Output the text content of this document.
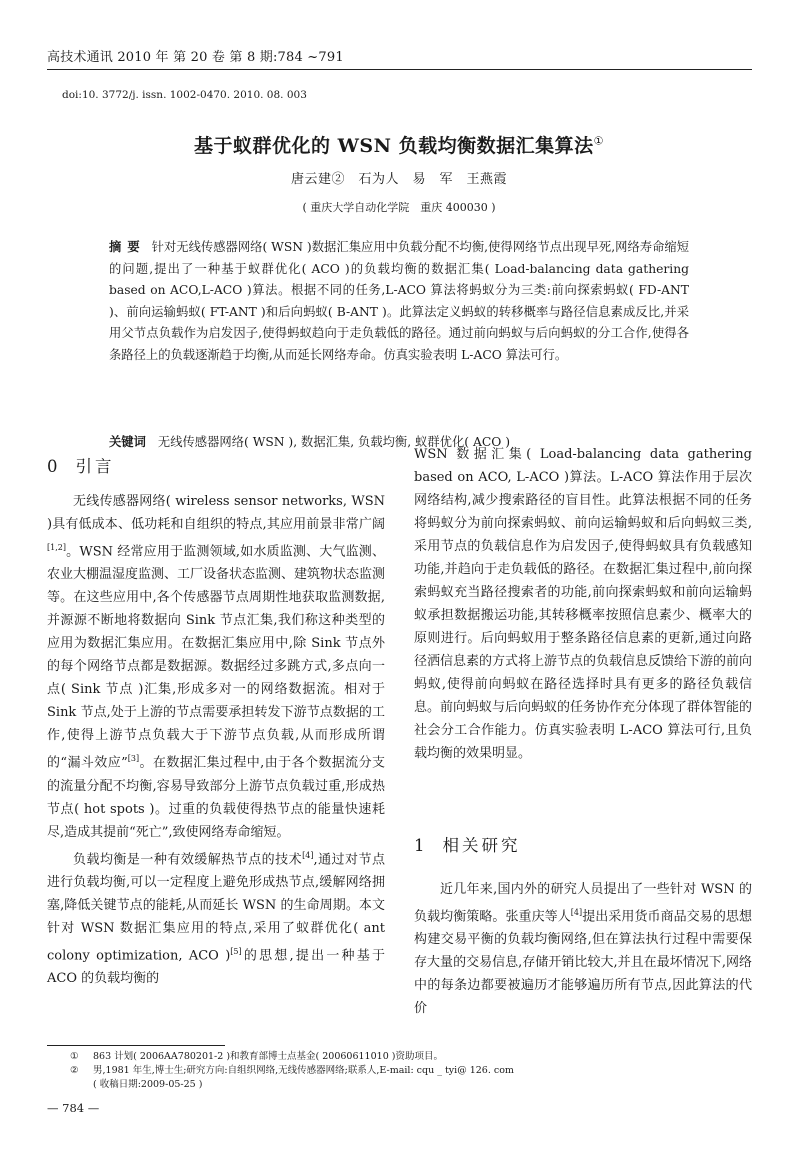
高技术通讯 2010 年 第 20 卷 第 8 期:784 ~791
doi:10. 3772/j. issn. 1002-0470. 2010. 08. 003
基于蚁群优化的 WSN 负载均衡数据汇集算法①
唐云建②　石为人　易　军　王燕霞
( 重庆大学自动化学院　重庆 400030 )
摘要 针对无线传感器网络( WSN )数据汇集应用中负载分配不均衡,使得网络节点出现早死,网络寿命缩短的问题,提出了一种基于蚁群优化( ACO )的负载均衡的数据汇集( Load-balancing data gathering based on ACO,L-ACO )算法。根据不同的任务,L-ACO 算法将蚂蚁分为三类:前向探索蚂蚁( FD-ANT )、前向运输蚂蚁( FT-ANT )和后向蚂蚁( B-ANT )。此算法定义蚂蚁的转移概率与路径信息素成反比,并采用父节点负载作为启发因子,使得蚂蚁趋向于走负载低的路径。通过前向蚂蚁与后向蚂蚁的分工合作,使得各条路径上的负载逐渐趋于均衡,从而延长网络寿命。仿真实验表明 L-ACO 算法可行。
关键词 无线传感器网络( WSN ), 数据汇集, 负载均衡, 蚁群优化( ACO )
0 引言

无线传感器网络( wireless sensor networks, WSN )具有低成本、低功耗和自组织的特点,其应用前景非常广阔[1,2]。WSN 经常应用于监测领域,如水质监测、大气监测、农业大棚温湿度监测、工厂设备状态监测、建筑物状态监测等。在这些应用中,各个传感器节点周期性地获取监测数据,并源源不断地将数据向 Sink 节点汇集,我们称这种类型的应用为数据汇集应用。在数据汇集应用中,除 Sink 节点外的每个网络节点都是数据源。数据经过多跳方式,多点向一点( Sink 节点 )汇集,形成多对一的网络数据流。相对于 Sink 节点,处于上游的节点需要承担转发下游节点数据的工作,使得上游节点负载大于下游节点负载,从而形成所谓的“漏斗效应”[3]。在数据汇集过程中,由于各个数据流分支的流量分配不均衡,容易导致部分上游节点负载过重,形成热节点( hot spots )。过重的负载使得热节点的能量快速耗尽,造成其提前“死亡”,致使网络寿命缩短。

负载均衡是一种有效缓解热节点的技术[4],通过对节点进行负载均衡,可以一定程度上避免形成热节点,缓解网络拥塞,降低关键节点的能耗,从而延长 WSN 的生命周期。本文针对 WSN 数据汇集应用的特点,采用了蚁群优化( ant colony optimization, ACO )[5]的思想,提出一种基于 ACO 的负载均衡的

WSN 数据汇集( Load-balancing data gathering based on ACO, L-ACO )算法。L-ACO 算法作用于层次网络结构,减少搜索路径的盲目性。此算法根据不同的任务将蚂蚁分为前向探索蚂蚁、前向运输蚂蚁和后向蚂蚁三类,采用节点的负载信息作为启发因子,使得蚂蚁具有负载感知功能,并趋向于走负载低的路径。在数据汇集过程中,前向探索蚂蚁充当路径搜索者的功能,前向探索蚂蚁和前向运输蚂蚁承担数据搬运功能,其转移概率按照信息素少、概率大的原则进行。后向蚂蚁用于整条路径信息素的更新,通过向路径洒信息素的方式将上游节点的负载信息反馈给下游的前向蚂蚁,使得前向蚂蚁在路径选择时具有更多的路径负载信息。前向蚂蚁与后向蚂蚁的任务协作充分体现了群体智能的社会分工合作能力。仿真实验表明 L-ACO 算法可行,且负载均衡的效果明显。

1 相关研究

近几年来,国内外的研究人员提出了一些针对 WSN 的负载均衡策略。张重庆等人[4]提出采用货币商品交易的思想构建交易平衡的负载均衡网络,但在算法执行过程中需要保存大量的交易信息,存储开销比较大,并且在最坏情况下,网络中的每条边都要被遍历才能够遍历所有节点,因此算法的代价

① 863 计划( 2006AA780201-2 )和教育部博士点基金( 20060611010 )资助项目。
② 男,1981 年生,博士生;研究方向:自组织网络,无线传感器网络;联系人,E-mail: cqu _ tyi@ 126. com
( 收稿日期:2009-05-25 )
— 784 —
